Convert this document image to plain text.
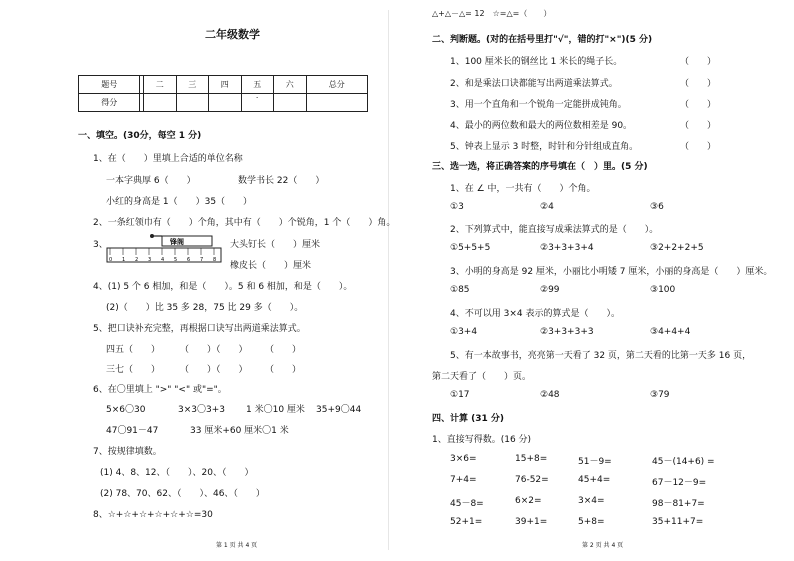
二年级数学
题号		二	三	四	五	六	总分
得分					-		
一、填空。(30分，每空 1 分)
1、在（　　）里填上合适的单位名称
一本字典厚 6（　　）	数学书长 22（　　）
小红的身高是 1（　　）35（　　）
2、一条红领巾有（　　）个角，其中有（　　）个锐角，1 个（　　）角。
3、
0 1 2 3 4 5 6 7 8
锋阁	大头钉长（　　）厘米
橡皮长（　　）厘米
4、(1) 5 个 6 相加，和是（　　）。5 和 6 相加，和是（　　）。
(2)（　　）比 35 多 28，75 比 29 多（　　）。
5、把口诀补充完整，再根据口诀写出两道乘法算式。
四五（　　） （　　）（　　） （　　）
三七（　　） （　　）（　　） （　　）
6、在〇里填上 ">" "<" 或"="。
5×6〇30	3×3〇3+3 1 米〇10 厘米 35+9〇44
47〇91－47	33 厘米+60 厘米〇1 米
7、按规律填数。
(1) 4、8、12、（　　）、20、（　　）
(2) 78、70、62、（　　）、46、（　　）
8、☆+☆+☆+☆+☆+☆=30
第 1 页 共 4 页
△+△－△= 12　☆=△=（　　）
二、判断题。(对的在括号里打"√"，错的打"×")(5 分)
1、100 厘米长的钢丝比 1 米长的绳子长。	（　　）
2、和是乘法口诀都能写出两道乘法算式。	（　　）
3、用一个直角和一个锐角一定能拼成钝角。	（　　）
4、最小的两位数和最大的两位数相差是 90。	（　　）
5、钟表上显示 3 时整，时针和分针组成直角。	（　　）
三、选一选，将正确答案的序号填在（　）里。(5 分)
1、在 ∠ 中，一共有（　　）个角。
①3	②4	③6
2、下列算式中，能直接写成乘法算式的是（　　）。
①5+5+5	②3+3+3+4	③2+2+2+5
3、小明的身高是 92 厘米，小丽比小明矮 7 厘米，小丽的身高是（　　）厘米。
①85	②99	③100
4、不可以用 3×4 表示的算式是（　　）。
①3+4	②3+3+3+3	③4+4+4
5、有一本故事书，亮亮第一天看了 32 页，第二天看的比第一天多 16 页，
第二天看了（　　）页。
①17	②48	③79
四、计算 (31 分)
1、直接写得数。(16 分)
3×6=	15+8=	51－9=	45－(14+6) =
7+4=	76-52=	45+4=	67－12－9=
45－8=	6×2=	3×4=	98－81+7=
52+1=	39+1=	5+8=	35+11+7=
第 2 页 共 4 页
